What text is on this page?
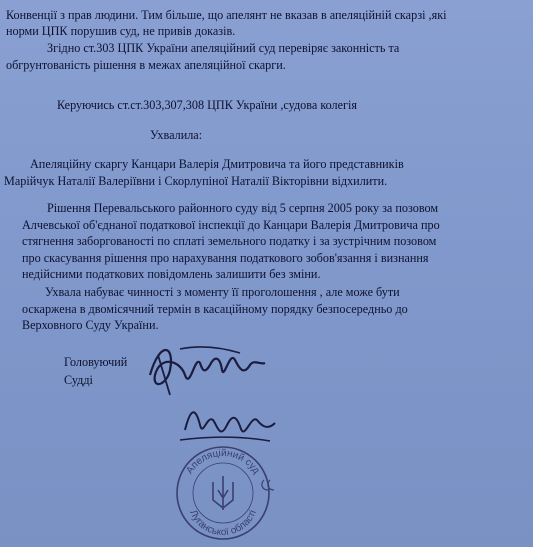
Конвенції з прав людини. Тим більше, що апелянт не вказав в апеляційній скарзі ,які
норми ЦПК порушив суд, не привів доказів.
Згідно ст.303 ЦПК України апеляційний суд перевіряє законність та
обгрунтованість рішення в межах апеляційної скарги.
Керуючись ст.ст.303,307,308 ЦПК України ,судова колегія
Ухвалила:
Апеляційну скаргу Канцари Валерія Дмитровича та його представників
Марійчук Наталії Валеріївни і Скорлупіної Наталії Вікторівни відхилити.
Рішення Перевальського районного суду від 5 серпня 2005 року за позовом
Алчевської об'єднаної податкової інспекції до Канцари Валерія Дмитровича про
стягнення заборгованості по сплаті земельного податку і за зустрічним позовом
про скасування рішення про нарахування податкового зобов'язання і визнання
недійсними податкових повідомлень залишити без зміни.
Ухвала набуває чинності з моменту її проголошення , але може бути
оскаржена в двомісячний термін в касаційному порядку безпосередньо до
Верховного Суду України.
Головуючий
Судді
Апеляційний суд
Луганської області
